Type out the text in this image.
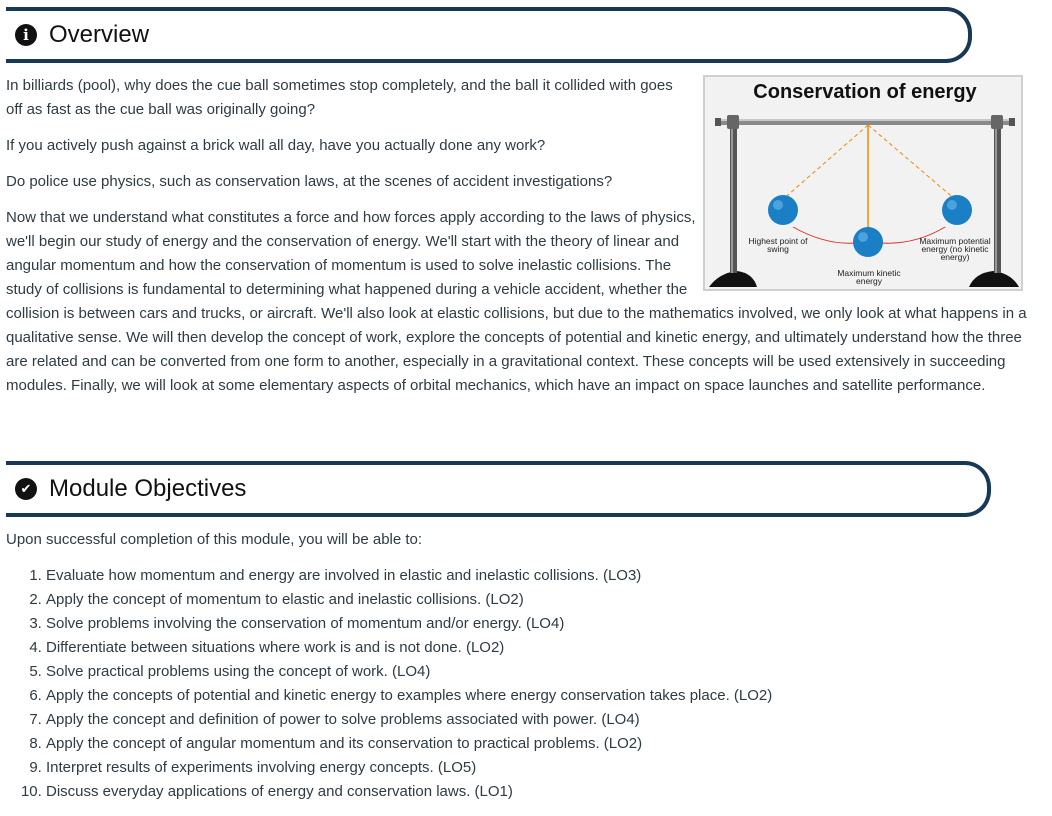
i Overview
Conservation of energy
Highest point of swing
Maximum kinetic energy
Maximum potential energy (no kinetic energy)

In billiards (pool), why does the cue ball sometimes stop completely, and the ball it collided with goes off as fast as the cue ball was originally going?

If you actively push against a brick wall all day, have you actually done any work?

Do police use physics, such as conservation laws, at the scenes of accident investigations?

Now that we understand what constitutes a force and how forces apply according to the laws of physics, we'll begin our study of energy and the conservation of energy. We'll start with the theory of linear and angular momentum and how the conservation of momentum is used to solve inelastic collisions. The study of collisions is fundamental to determining what happened during a vehicle accident, whether the collision is between cars and trucks, or aircraft. We'll also look at elastic collisions, but due to the mathematics involved, we only look at what happens in a qualitative sense. We will then develop the concept of work, explore the concepts of potential and kinetic energy, and ultimately understand how the three are related and can be converted from one form to another, especially in a gravitational context. These concepts will be used extensively in succeeding modules. Finally, we will look at some elementary aspects of orbital mechanics, which have an impact on space launches and satellite performance.

✔ Module Objectives

Upon successful completion of this module, you will be able to:

1. Evaluate how momentum and energy are involved in elastic and inelastic collisions. (LO3)
2. Apply the concept of momentum to elastic and inelastic collisions. (LO2)
3. Solve problems involving the conservation of momentum and/or energy. (LO4)
4. Differentiate between situations where work is and is not done. (LO2)
5. Solve practical problems using the concept of work. (LO4)
6. Apply the concepts of potential and kinetic energy to examples where energy conservation takes place. (LO2)
7. Apply the concept and definition of power to solve problems associated with power. (LO4)
8. Apply the concept of angular momentum and its conservation to practical problems. (LO2)
9. Interpret results of experiments involving energy concepts. (LO5)
10. Discuss everyday applications of energy and conservation laws. (LO1)
